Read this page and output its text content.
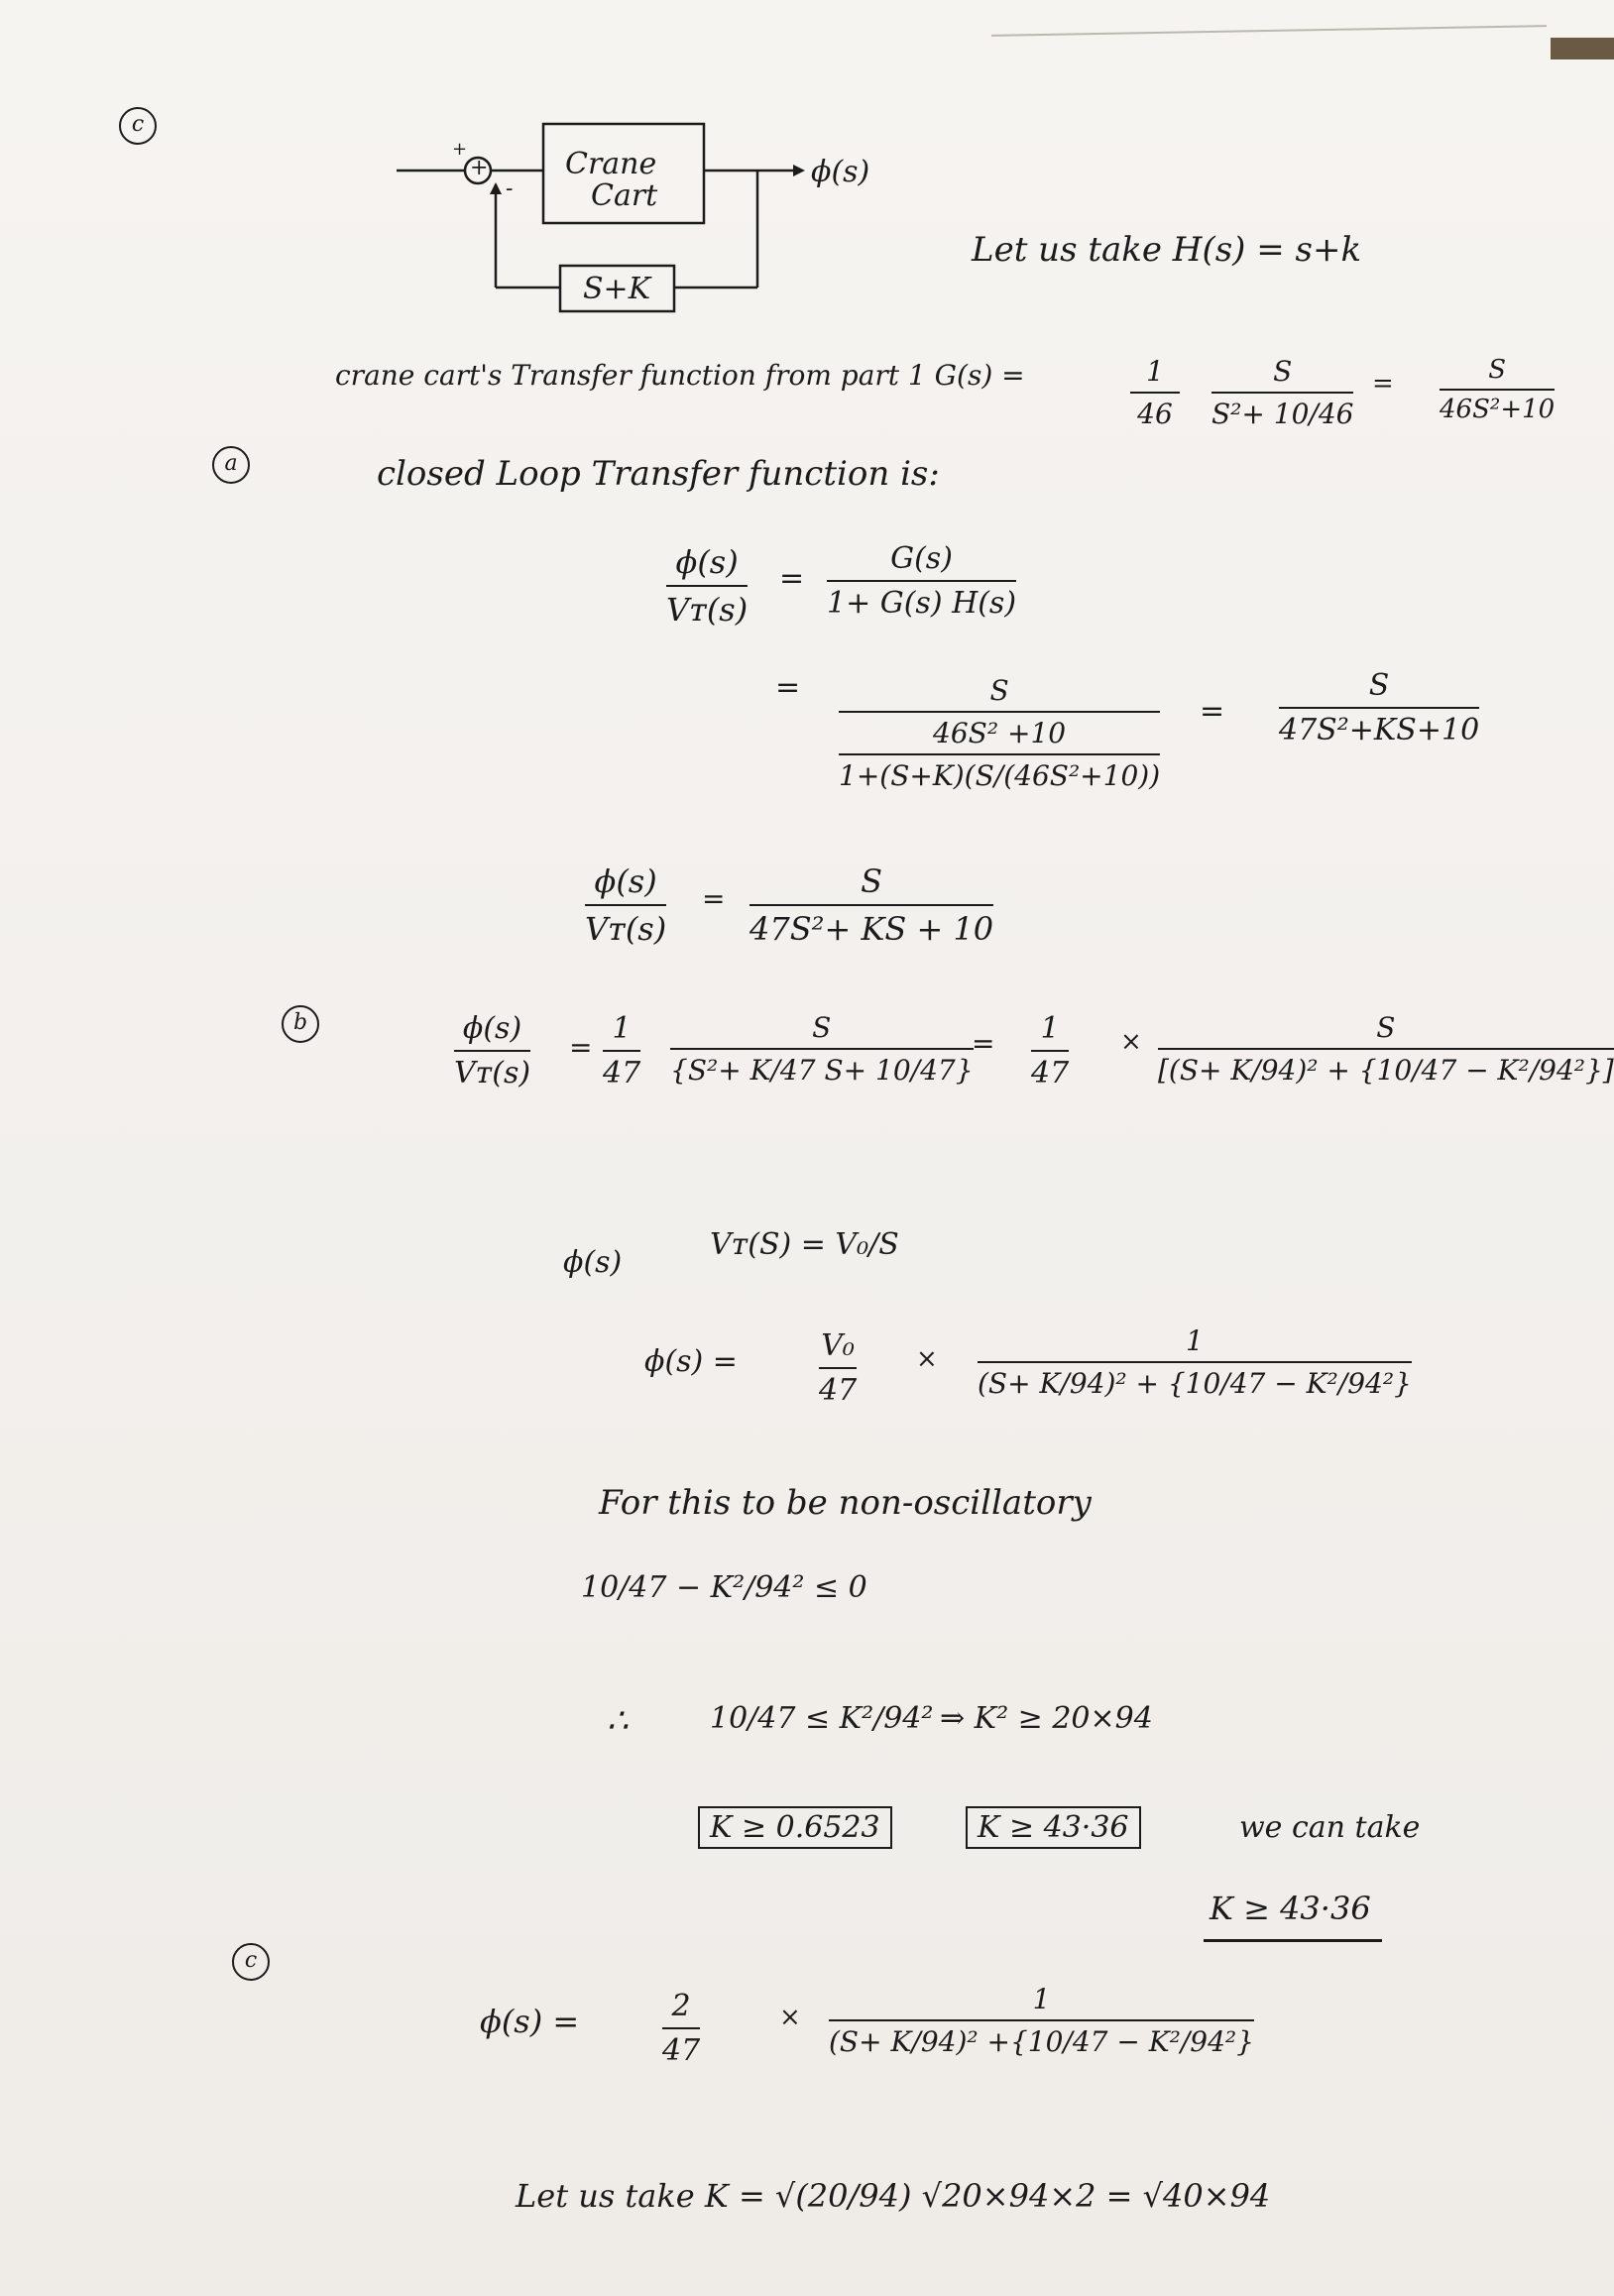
c
+
+
-
Crane
Cart
S+K
ϕ(s)
Let us take H(s) = s+k
crane cart's Transfer function from part 1 G(s) =	1
46
S
S²+ 10/46
=	S
46S²+10
a	closed Loop Transfer function is:
ϕ(s)
Vᴛ(s)
=
G(s)
1+ G(s) H(s)
=	S
46S² +10
1+(S+K)(S/(46S²+10))
=
S
47S²+KS+10
ϕ(s)
Vᴛ(s)
=	S
47S²+ KS + 10
b	ϕ(s)
Vᴛ(s)
=
1
47
S
{S²+ K/47 S+ 10/47}
= 1
47
×	S
[(S+ K/94)² + {10/47 − K²/94²}]
ϕ(s)
Vᴛ(S) = V₀/S
ϕ(s) =	V₀
47
×
1
(S+ K/94)² + {10/47 − K²/94²}
For this to be non-oscillatory
10/47 − K²/94² ≤ 0
∴	10/47 ≤ K²/94² ⇒ K² ≥ 20×94
K ≥ 0.6523	K ≥ 43·36	we can take
K ≥ 43·36
c
ϕ(s) =	2
47
×
1
(S+ K/94)² +{10/47 − K²/94²}
Let us take K = √(20/94) √20×94×2 = √40×94
